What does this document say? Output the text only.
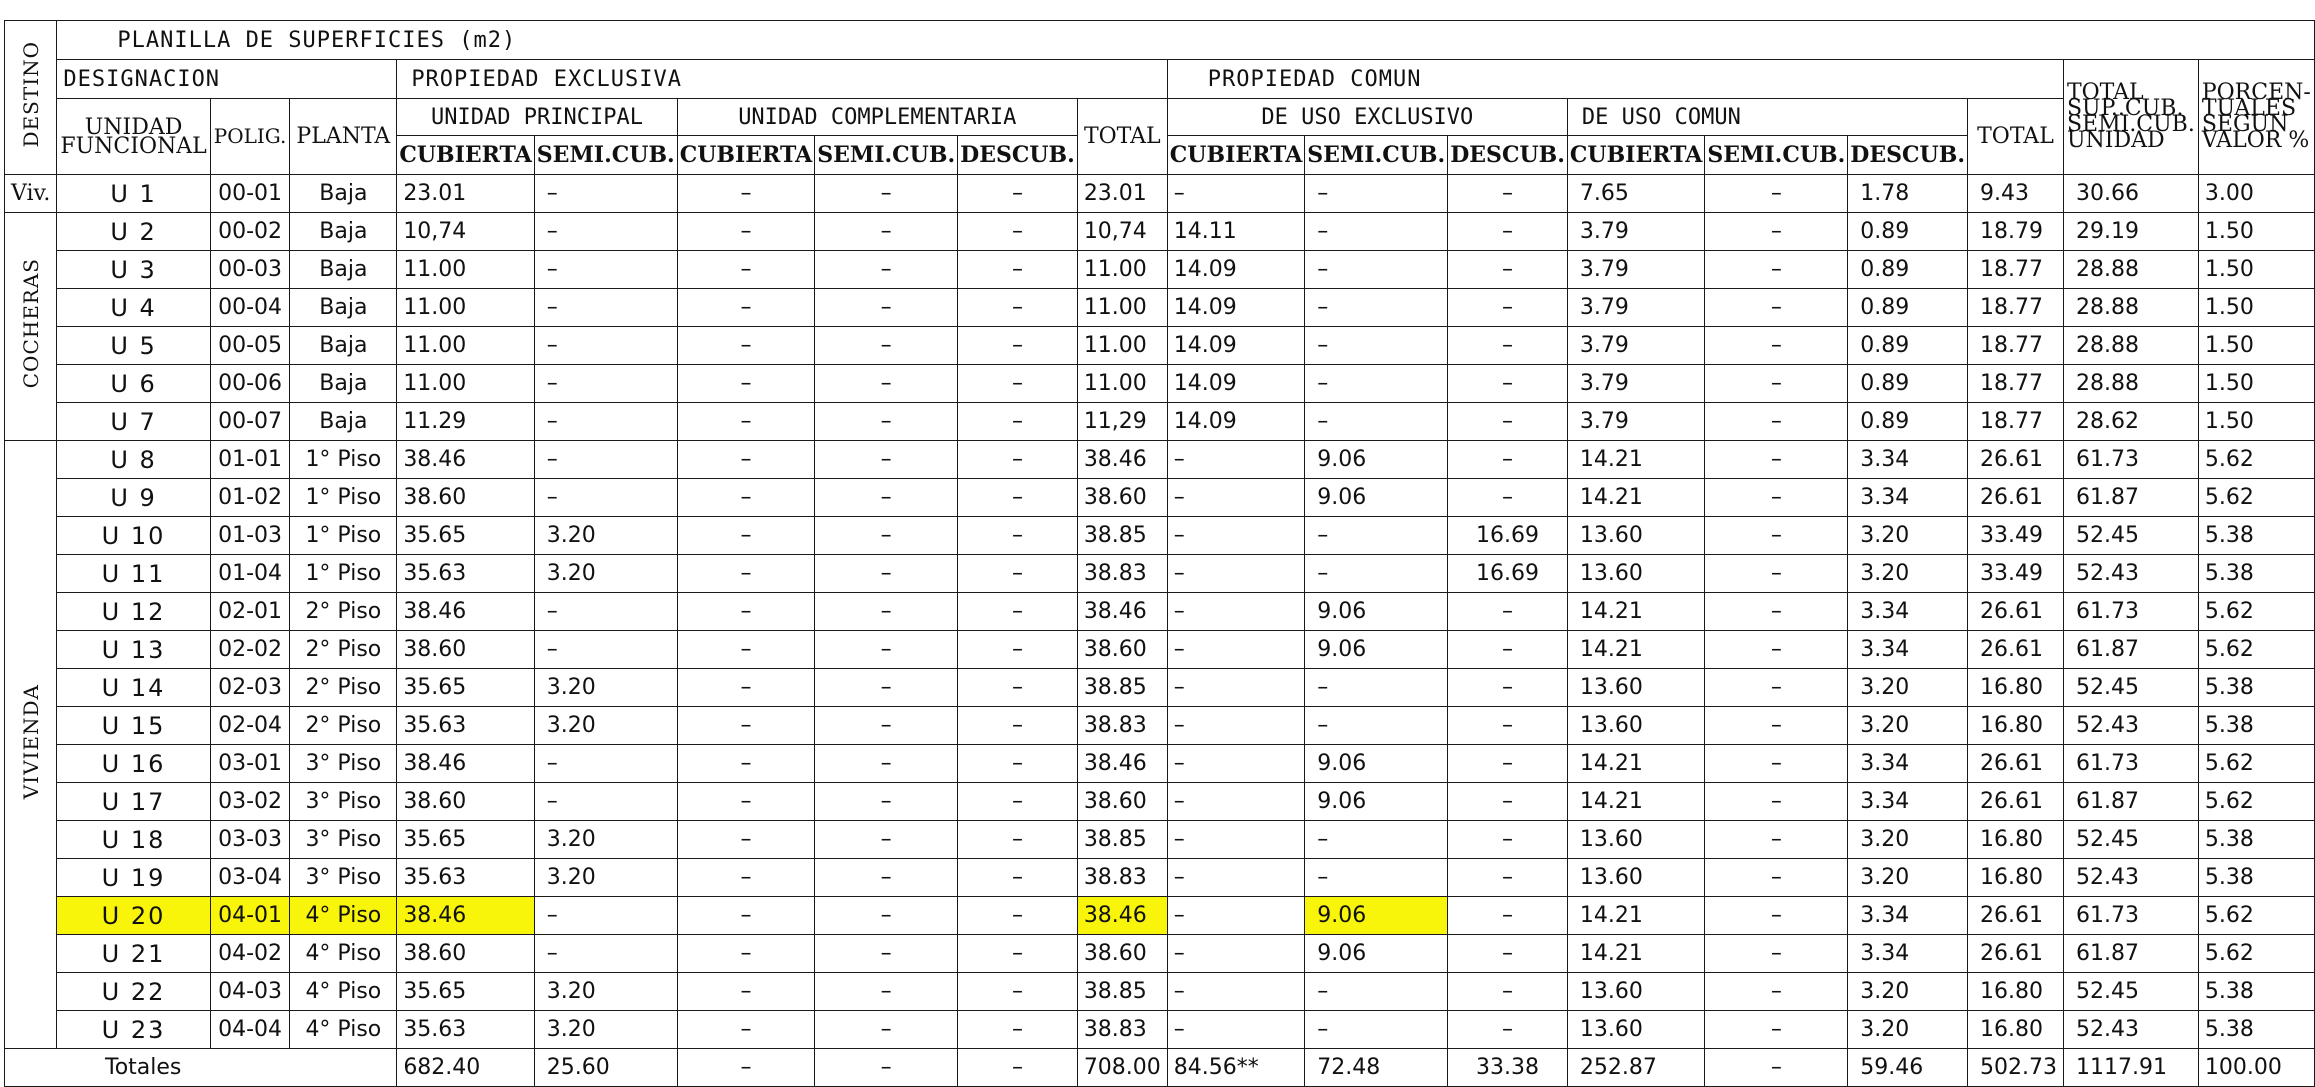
DESTINO	PLANILLA DE SUPERFICIES (m2)																	
	DESIGNACION			PROPIEDAD EXCLUSIVA						PROPIEDAD COMUN							TOTAL SUP..CUB. SEMI.CUB. UNIDAD	PORCEN- TUALES SEGUN VALOR %
	UNIDAD FUNCIONAL	POLIG.	PLANTA	UNIDAD PRINCIPAL		UNIDAD COMPLEMENTARIA			TOTAL	DE USO EXCLUSIVO			DE USO COMUN			TOTAL		
				CUBIERTA	SEMI.CUB.	CUBIERTA	SEMI.CUB.	DESCUB.		CUBIERTA	SEMI.CUB.	DESCUB.	CUBIERTA	SEMI.CUB.	DESCUB.			
Viv.	U 1	00-01	Baja	23.01	–	–	–	–	23.01	–	–	–	7.65	–	1.78	9.43	30.66	3.00
COCHERAS	U 2	00-02	Baja	10,74	–	–	–	–	10,74	14.11	–	–	3.79	–	0.89	18.79	29.19	1.50
	U 3	00-03	Baja	11.00	–	–	–	–	11.00	14.09	–	–	3.79	–	0.89	18.77	28.88	1.50
	U 4	00-04	Baja	11.00	–	–	–	–	11.00	14.09	–	–	3.79	–	0.89	18.77	28.88	1.50
	U 5	00-05	Baja	11.00	–	–	–	–	11.00	14.09	–	–	3.79	–	0.89	18.77	28.88	1.50
	U 6	00-06	Baja	11.00	–	–	–	–	11.00	14.09	–	–	3.79	–	0.89	18.77	28.88	1.50
	U 7	00-07	Baja	11.29	–	–	–	–	11,29	14.09	–	–	3.79	–	0.89	18.77	28.62	1.50
VIVIENDA	U 8	01-01	1° Piso	38.46	–	–	–	–	38.46	–	9.06	–	14.21	–	3.34	26.61	61.73	5.62
	U 9	01-02	1° Piso	38.60	–	–	–	–	38.60	–	9.06	–	14.21	–	3.34	26.61	61.87	5.62
	U 10	01-03	1° Piso	35.65	3.20	–	–	–	38.85	–	–	16.69	13.60	–	3.20	33.49	52.45	5.38
	U 11	01-04	1° Piso	35.63	3.20	–	–	–	38.83	–	–	16.69	13.60	–	3.20	33.49	52.43	5.38
	U 12	02-01	2° Piso	38.46	–	–	–	–	38.46	–	9.06	–	14.21	–	3.34	26.61	61.73	5.62
	U 13	02-02	2° Piso	38.60	–	–	–	–	38.60	–	9.06	–	14.21	–	3.34	26.61	61.87	5.62
	U 14	02-03	2° Piso	35.65	3.20	–	–	–	38.85	–	–	–	13.60	–	3.20	16.80	52.45	5.38
	U 15	02-04	2° Piso	35.63	3.20	–	–	–	38.83	–	–	–	13.60	–	3.20	16.80	52.43	5.38
	U 16	03-01	3° Piso	38.46	–	–	–	–	38.46	–	9.06	–	14.21	–	3.34	26.61	61.73	5.62
	U 17	03-02	3° Piso	38.60	–	–	–	–	38.60	–	9.06	–	14.21	–	3.34	26.61	61.87	5.62
	U 18	03-03	3° Piso	35.65	3.20	–	–	–	38.85	–	–	–	13.60	–	3.20	16.80	52.45	5.38
	U 19	03-04	3° Piso	35.63	3.20	–	–	–	38.83	–	–	–	13.60	–	3.20	16.80	52.43	5.38
	U 20	04-01	4° Piso	38.46	–	–	–	–	38.46	–	9.06	–	14.21	–	3.34	26.61	61.73	5.62
	U 21	04-02	4° Piso	38.60	–	–	–	–	38.60	–	9.06	–	14.21	–	3.34	26.61	61.87	5.62
	U 22	04-03	4° Piso	35.65	3.20	–	–	–	38.85	–	–	–	13.60	–	3.20	16.80	52.45	5.38
	U 23	04-04	4° Piso	35.63	3.20	–	–	–	38.83	–	–	–	13.60	–	3.20	16.80	52.43	5.38
Totales				682.40	25.60	–	–	–	708.00	84.56**	72.48	33.38	252.87	–	59.46	502.73	1117.91	100.00
